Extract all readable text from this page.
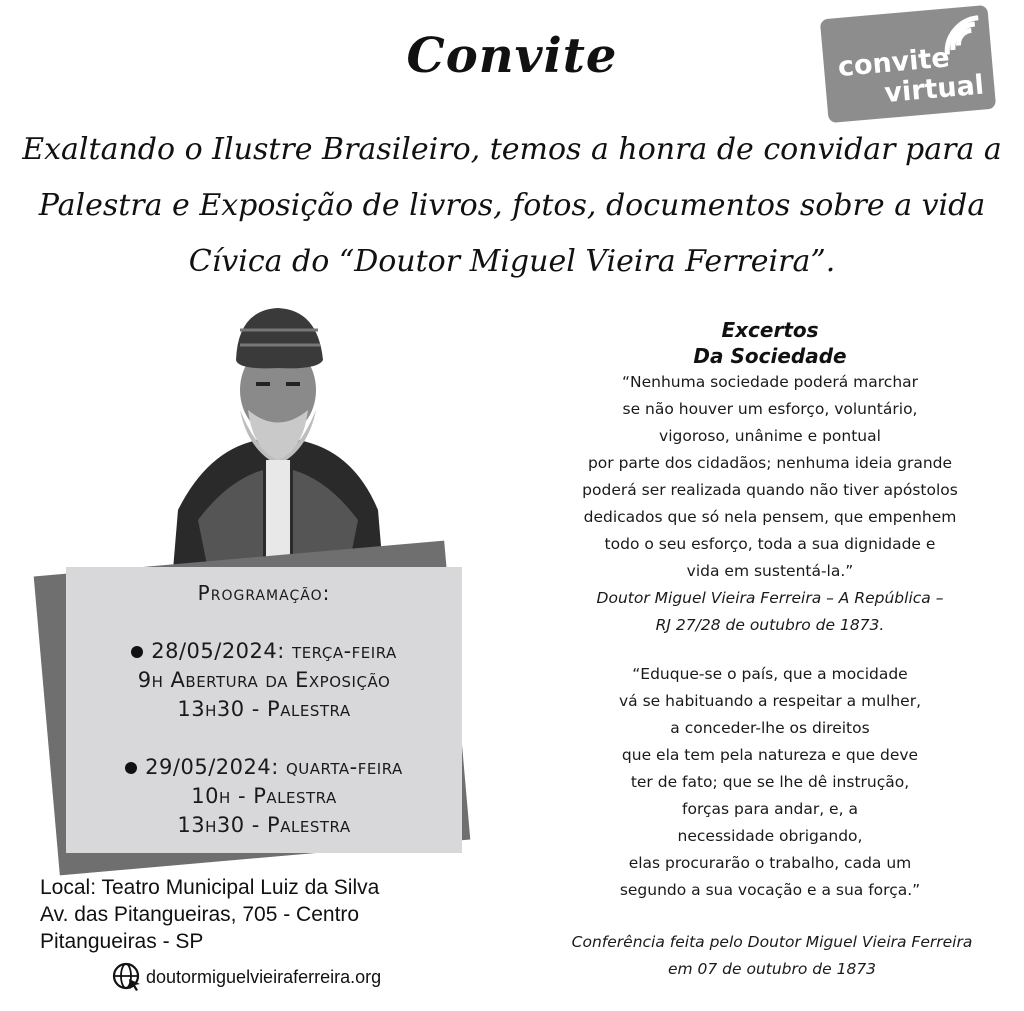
Convite	convite
virtual
Exaltando o Ilustre Brasileiro, temos a honra de convidar para a
Palestra e Exposição de livros, fotos, documentos sobre a vida
Cívica do “Doutor Miguel Vieira Ferreira”.
Programação:
28/05/2024: terça-feira
9h Abertura da Exposição
13h30 - Palestra
29/05/2024: quarta-feira
10h - Palestra
13h30 - Palestra
Local: Teatro Municipal Luiz da Silva
Av. das Pitangueiras, 705 - Centro
Pitangueiras - SP
doutormiguelvieiraferreira.org
Excertos
Da Sociedade
“Nenhuma sociedade poderá marchar
se não houver um esforço, voluntário,
vigoroso, unânime e pontual
por parte dos cidadãos; nenhuma ideia grande
poderá ser realizada quando não tiver apóstolos
dedicados que só nela pensem, que empenhem
todo o seu esforço, toda a sua dignidade e
vida em sustentá-la.”
Doutor Miguel Vieira Ferreira – A República –
RJ 27/28 de outubro de 1873.
“Eduque-se o país, que a mocidade
vá se habituando a respeitar a mulher,
a conceder-lhe os direitos
que ela tem pela natureza e que deve
ter de fato; que se lhe dê instrução,
forças para andar, e, a
necessidade obrigando,
elas procurarão o trabalho, cada um
segundo a sua vocação e a sua força.”
Conferência feita pelo Doutor Miguel Vieira Ferreira
em 07 de outubro de 1873
